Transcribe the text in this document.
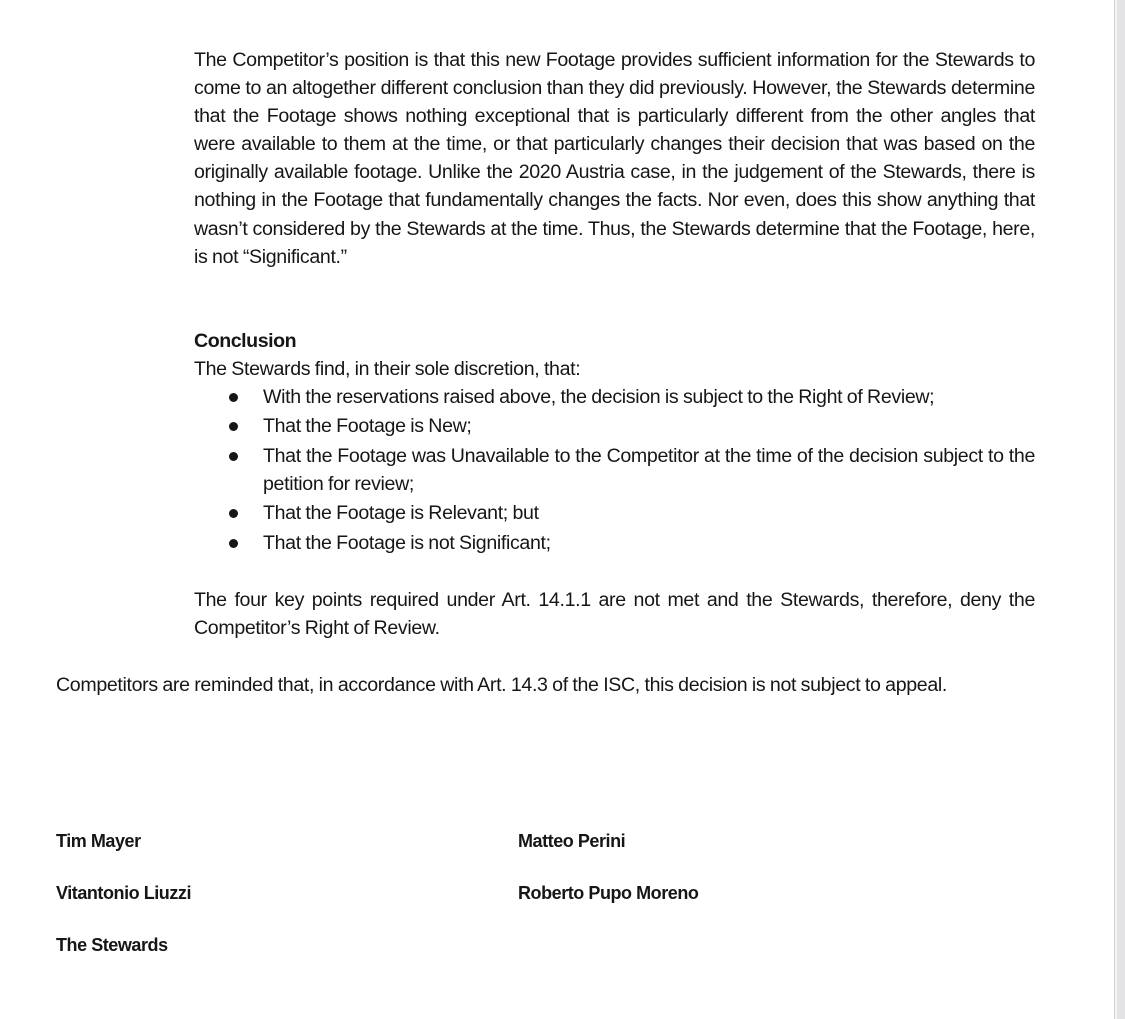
The Competitor’s position is that this new Footage provides sufficient information for the Stewards to come to an altogether different conclusion than they did previously. However, the Stewards determine that the Footage shows nothing exceptional that is particularly different from the other angles that were available to them at the time, or that particularly changes their decision that was based on the originally available footage. Unlike the 2020 Austria case, in the judgement of the Stewards, there is nothing in the Footage that fundamentally changes the facts. Nor even, does this show anything that wasn’t considered by the Stewards at the time. Thus, the Stewards determine that the Footage, here, is not “Significant.”

Conclusion

The Stewards find, in their sole discretion, that:

With the reservations raised above, the decision is subject to the Right of Review;
That the Footage is New;
That the Footage was Unavailable to the Competitor at the time of the decision subject to the petition for review;
That the Footage is Relevant; but
That the Footage is not Significant;

The four key points required under Art. 14.1.1 are not met and the Stewards, therefore, deny the Competitor’s Right of Review.

Competitors are reminded that, in accordance with Art. 14.3 of the ISC, this decision is not subject to appeal.

Tim Mayer	Matteo Perini

Vitantonio Liuzzi	Roberto Pupo Moreno

The Stewards
